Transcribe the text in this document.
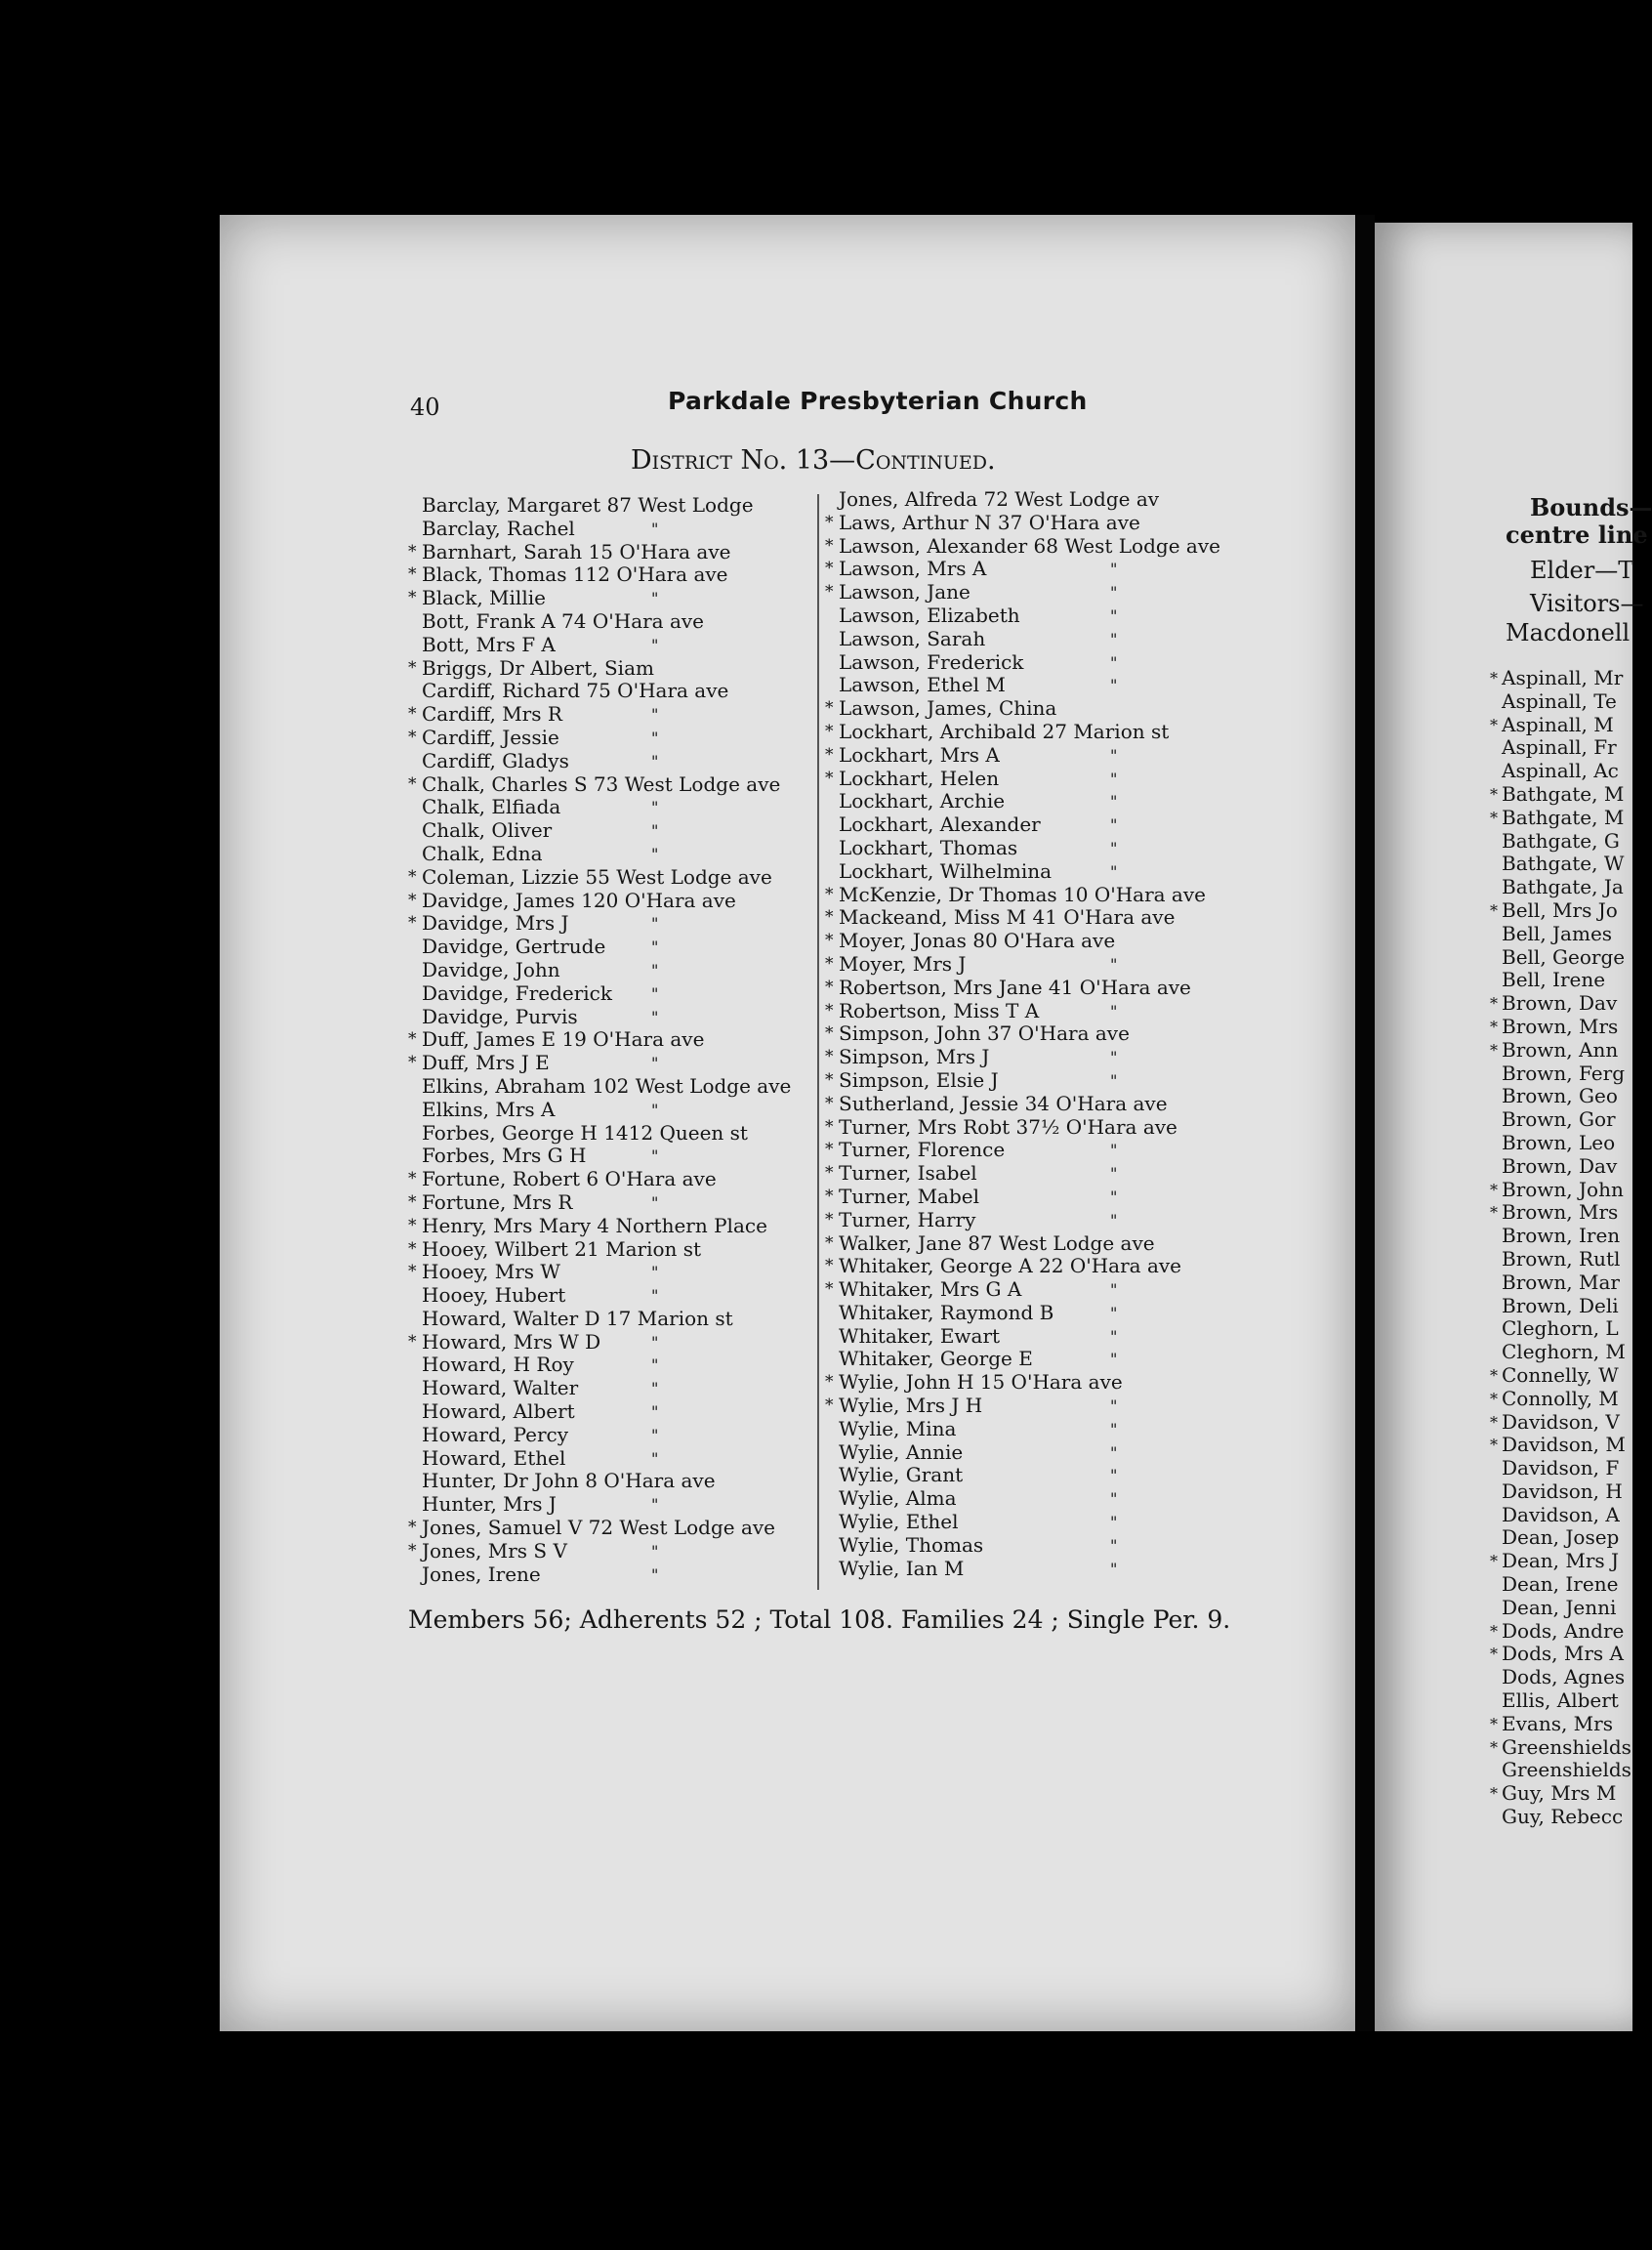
40	Parkdale Presbyterian Church
District No. 13—Continued.
Barclay, Margaret 87 West Lodge
Barclay, Rachel	"
* Barnhart, Sarah 15 O'Hara ave
* Black, Thomas 112 O'Hara ave
* Black, Millie	"
Bott, Frank A 74 O'Hara ave
Bott, Mrs F A	"
* Briggs, Dr Albert, Siam
Cardiff, Richard 75 O'Hara ave
* Cardiff, Mrs R	"
* Cardiff, Jessie	"
Cardiff, Gladys	"
* Chalk, Charles S 73 West Lodge ave
Chalk, Elfiada	"
Chalk, Oliver	"
Chalk, Edna	"
* Coleman, Lizzie 55 West Lodge ave
* Davidge, James 120 O'Hara ave
* Davidge, Mrs J	"
Davidge, Gertrude	"
Davidge, John	"
Davidge, Frederick	"
Davidge, Purvis	"
* Duff, James E 19 O'Hara ave
* Duff, Mrs J E	"
Elkins, Abraham 102 West Lodge ave
Elkins, Mrs A	"
Forbes, George H 1412 Queen st
Forbes, Mrs G H	"
* Fortune, Robert 6 O'Hara ave
* Fortune, Mrs R	"
* Henry, Mrs Mary 4 Northern Place
* Hooey, Wilbert 21 Marion st
* Hooey, Mrs W	"
Hooey, Hubert	"
Howard, Walter D 17 Marion st
* Howard, Mrs W D	"
Howard, H Roy	"
Howard, Walter	"
Howard, Albert	"
Howard, Percy	"
Howard, Ethel	"
Hunter, Dr John 8 O'Hara ave
Hunter, Mrs J	"
* Jones, Samuel V 72 West Lodge ave
* Jones, Mrs S V	"
Jones, Irene	"
Jones, Alfreda 72 West Lodge av
* Laws, Arthur N 37 O'Hara ave
* Lawson, Alexander 68 West Lodge ave
* Lawson, Mrs A	"
* Lawson, Jane	"
Lawson, Elizabeth	"
Lawson, Sarah	"
Lawson, Frederick	"
Lawson, Ethel M	"
* Lawson, James, China
* Lockhart, Archibald 27 Marion st
* Lockhart, Mrs A	"
* Lockhart, Helen	"
Lockhart, Archie	"
Lockhart, Alexander	"
Lockhart, Thomas	"
Lockhart, Wilhelmina	"
* McKenzie, Dr Thomas 10 O'Hara ave
* Mackeand, Miss M 41 O'Hara ave
* Moyer, Jonas 80 O'Hara ave
* Moyer, Mrs J	"
* Robertson, Mrs Jane 41 O'Hara ave
* Robertson, Miss T A	"
* Simpson, John 37 O'Hara ave
* Simpson, Mrs J	"
* Simpson, Elsie J	"
* Sutherland, Jessie 34 O'Hara ave
* Turner, Mrs Robt 37½ O'Hara ave
* Turner, Florence	"
* Turner, Isabel	"
* Turner, Mabel	"
* Turner, Harry	"
* Walker, Jane 87 West Lodge ave
* Whitaker, George A 22 O'Hara ave
* Whitaker, Mrs G A	"
Whitaker, Raymond B	"
Whitaker, Ewart	"
Whitaker, George E	"
* Wylie, John H 15 O'Hara ave
* Wylie, Mrs J H	"
Wylie, Mina	"
Wylie, Annie	"
Wylie, Grant	"
Wylie, Alma	"
Wylie, Ethel	"
Wylie, Thomas	"
Wylie, Ian M	"
Members 56; Adherents 52 ; Total 108. Families 24 ; Single Per. 9.
Bounds—
centre line
Elder—T
Visitors—
Macdonell
* Aspinall, Mr
Aspinall, Te
* Aspinall, M
Aspinall, Fr
Aspinall, Ac
* Bathgate, M
* Bathgate, M
Bathgate, G
Bathgate, W
Bathgate, Ja
* Bell, Mrs Jo
Bell, James
Bell, George
Bell, Irene
* Brown, Dav
* Brown, Mrs
* Brown, Ann
Brown, Ferg
Brown, Geo
Brown, Gor
Brown, Leo
Brown, Dav
* Brown, John
* Brown, Mrs
Brown, Iren
Brown, Rutl
Brown, Mar
Brown, Deli
Cleghorn, L
Cleghorn, M
* Connelly, W
* Connolly, M
* Davidson, V
* Davidson, M
Davidson, F
Davidson, H
Davidson, A
Dean, Josep
* Dean, Mrs J
Dean, Irene
Dean, Jenni
* Dods, Andre
* Dods, Mrs A
Dods, Agnes
Ellis, Albert
* Evans, Mrs
* Greenshields
Greenshields
* Guy, Mrs M
Guy, Rebecc
